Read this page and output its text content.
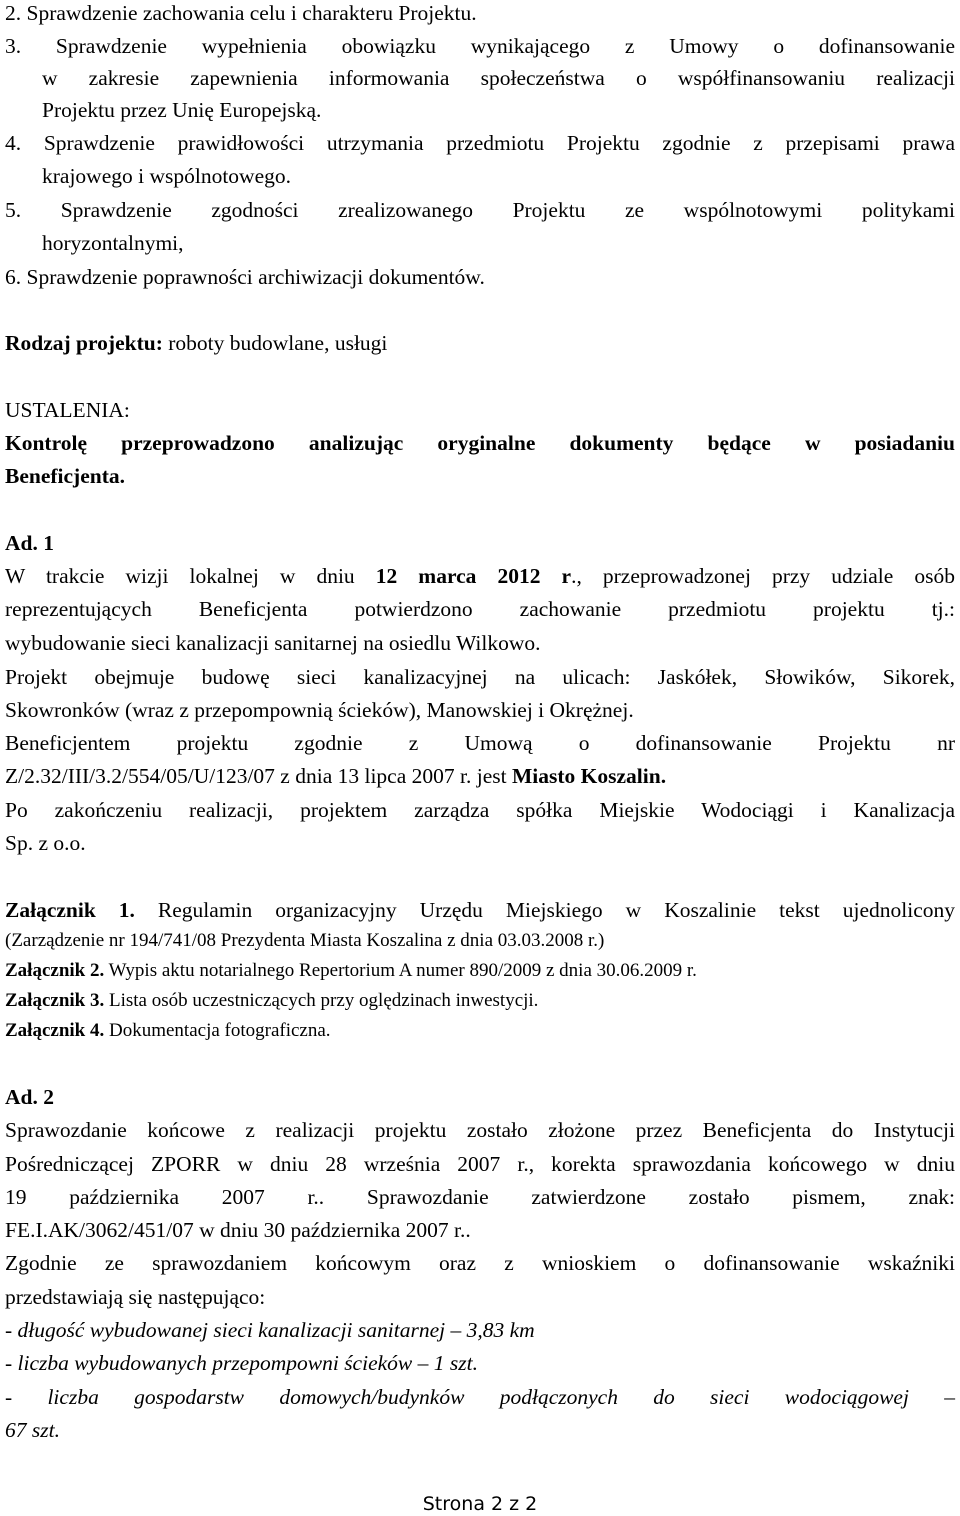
2. Sprawdzenie zachowania celu i charakteru Projektu.
3. Sprawdzenie wypełnienia obowiązku wynikającego z Umowy o dofinansowanie
w zakresie zapewnienia informowania społeczeństwa o współfinansowaniu realizacji
Projektu przez Unię Europejską.
4. Sprawdzenie prawidłowości utrzymania przedmiotu Projektu zgodnie z przepisami prawa
krajowego i wspólnotowego.
5. Sprawdzenie zgodności zrealizowanego Projektu ze wspólnotowymi politykami
horyzontalnymi,
6. Sprawdzenie poprawności archiwizacji dokumentów.
Rodzaj projektu: roboty budowlane, usługi
USTALENIA:
Kontrolę przeprowadzono analizując oryginalne dokumenty będące w posiadaniu
Beneficjenta.
Ad. 1
W trakcie wizji lokalnej w dniu 12 marca 2012 r., przeprowadzonej przy udziale osób
reprezentujących Beneficjenta potwierdzono zachowanie przedmiotu projektu tj.:
wybudowanie sieci kanalizacji sanitarnej na osiedlu Wilkowo.
Projekt obejmuje budowę sieci kanalizacyjnej na ulicach: Jaskółek, Słowików, Sikorek,
Skowronków (wraz z przepompownią ścieków), Manowskiej i Okrężnej.
Beneficjentem projektu zgodnie z Umową o dofinansowanie Projektu nr
Z/2.32/III/3.2/554/05/U/123/07 z dnia 13 lipca 2007 r. jest Miasto Koszalin.
Po zakończeniu realizacji, projektem zarządza spółka Miejskie Wodociągi i Kanalizacja
Sp. z o.o.
Załącznik 1. Regulamin organizacyjny Urzędu Miejskiego w Koszalinie tekst ujednolicony
(Zarządzenie nr 194/741/08 Prezydenta Miasta Koszalina z dnia 03.03.2008 r.)
Załącznik 2. Wypis aktu notarialnego Repertorium A numer 890/2009 z dnia 30.06.2009 r.
Załącznik 3. Lista osób uczestniczących przy oględzinach inwestycji.
Załącznik 4. Dokumentacja fotograficzna.
Ad. 2
Sprawozdanie końcowe z realizacji projektu zostało złożone przez Beneficjenta do Instytucji
Pośredniczącej ZPORR w dniu 28 września 2007 r., korekta sprawozdania końcowego w dniu
19 października 2007 r.. Sprawozdanie zatwierdzone zostało pismem, znak:
FE.I.AK/3062/451/07 w dniu 30 października 2007 r..
Zgodnie ze sprawozdaniem końcowym oraz z wnioskiem o dofinansowanie wskaźniki
przedstawiają się następująco:
- długość wybudowanej sieci kanalizacji sanitarnej – 3,83 km
- liczba wybudowanych przepompowni ścieków – 1 szt.
- liczba gospodarstw domowych/budynków podłączonych do sieci wodociągowej –
67 szt.
Strona 2 z 2
